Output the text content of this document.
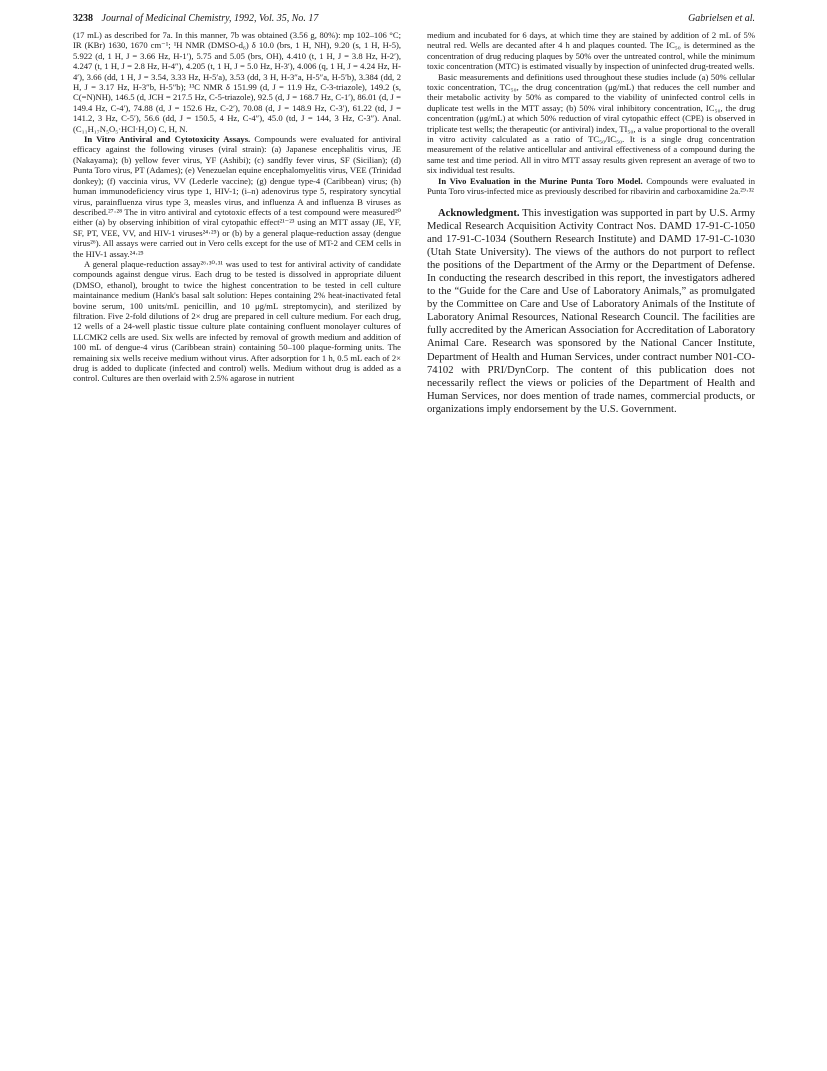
3238 Journal of Medicinal Chemistry, 1992, Vol. 35, No. 17	Gabrielsen et al.

(17 mL) as described for 7a. In this manner, 7b was obtained (3.56 g, 80%): mp 102–106 °C; IR (KBr) 1630, 1670 cm⁻¹; ¹H NMR (DMSO-d₆) δ 10.0 (brs, 1 H, NH), 9.20 (s, 1 H, H-5), 5.922 (d, 1 H, J = 3.66 Hz, H-1′), 5.75 and 5.05 (brs, OH), 4.410 (t, 1 H, J = 3.8 Hz, H-2′), 4.247 (t, 1 H, J = 2.8 Hz, H-4″), 4.205 (t, 1 H, J = 5.0 Hz, H-3′), 4.006 (q, 1 H, J = 4.24 Hz, H-4′), 3.66 (dd, 1 H, J = 3.54, 3.33 Hz, H-5′a), 3.53 (dd, 3 H, H-3″a, H-5″a, H-5′b), 3.384 (dd, 2 H, J = 3.17 Hz, H-3″b, H-5″b); ¹³C NMR δ 151.99 (d, J = 11.9 Hz, C-3-triazole), 149.2 (s, C(=N)NH), 146.5 (d, JCH = 217.5 Hz, C-5-triazole), 92.5 (d, J = 168.7 Hz, C-1′), 86.01 (d, J = 149.4 Hz, C-4′), 74.88 (d, J = 152.6 Hz, C-2′), 70.08 (d, J = 148.9 Hz, C-3′), 61.22 (td, J = 141.2, 3 Hz, C-5′), 56.6 (dd, J = 150.5, 4 Hz, C-4″), 45.0 (td, J = 144, 3 Hz, C-3″). Anal. (C₁₁H₁₇N₅O₅·HCl·H₂O) C, H, N.

In Vitro Antiviral and Cytotoxicity Assays. Compounds were evaluated for antiviral efficacy against the following viruses (viral strain): (a) Japanese encephalitis virus, JE (Nakayama); (b) yellow fever virus, YF (Ashibi); (c) sandfly fever virus, SF (Sicilian); (d) Punta Toro virus, PT (Adames); (e) Venezuelan equine encephalomyelitis virus, VEE (Trinidad donkey); (f) vaccinia virus, VV (Lederle vaccine); (g) dengue type-4 (Caribbean) virus; (h) human immunodeficiency virus type 1, HIV-1; (i–n) adenovirus type 5, respiratory syncytial virus, parainfluenza virus type 3, measles virus, and influenza A and influenza B viruses as described.²⁷·²⁸ The in vitro antiviral and cytotoxic effects of a test compound were measured²⁰ either (a) by observing inhibition of viral cytopathic effect²¹⁻²³ using an MTT assay (JE, YF, SF, PT, VEE, VV, and HIV-1 viruses²⁴·²⁵) or (b) by a general plaque-reduction assay (dengue virus²⁶). All assays were carried out in Vero cells except for the use of MT-2 and CEM cells in the HIV-1 assay.²⁴·²⁵

A general plaque-reduction assay²⁶·³⁰·³¹ was used to test for antiviral activity of candidate compounds against dengue virus. Each drug to be tested is dissolved in appropriate diluent (DMSO, ethanol), brought to twice the highest concentration to be tested in cell culture maintainance medium (Hank's basal salt solution: Hepes containing 2% heat-inactivated fetal bovine serum, 100 units/mL penicillin, and 10 μg/mL streptomycin), and sterilized by filtration. Five 2-fold dilutions of 2× drug are prepared in cell culture medium. For each drug, 12 wells of a 24-well plastic tissue culture plate containing confluent monolayer cultures of LLCMK2 cells are used. Six wells are infected by removal of growth medium and addition of 100 mL of dengue-4 virus (Caribbean strain) containing 50–100 plaque-forming units. The remaining six wells receive medium without virus. After adsorption for 1 h, 0.5 mL each of 2× drug is added to duplicate (infected and control) wells. Medium without drug is added as a control. Cultures are then overlaid with 2.5% agarose in nutrient

medium and incubated for 6 days, at which time they are stained by addition of 2 mL of 5% neutral red. Wells are decanted after 4 h and plaques counted. The IC₅₀ is determined as the concentration of drug reducing plaques by 50% over the untreated control, while the minimum toxic concentration (MTC) is estimated visually by inspection of uninfected drug-treated wells.

Basic measurements and definitions used throughout these studies include (a) 50% cellular toxic concentration, TC₅₀, the drug concentration (μg/mL) that reduces the cell number and their metabolic activity by 50% as compared to the viability of uninfected control cells in duplicate test wells in the MTT assay; (b) 50% viral inhibitory concentration, IC₅₀, the drug concentration (μg/mL) at which 50% reduction of viral cytopathic effect (CPE) is observed in triplicate test wells; the therapeutic (or antiviral) index, TI₅₀, a value proportional to the overall in vitro activity calculated as a ratio of TC₅₀/IC₅₀. It is a single drug concentration measurement of the relative anticellular and antiviral effectiveness of a compound during the same test and time period. All in vitro MTT assay results given represent an average of two to six individual test results.

In Vivo Evaluation in the Murine Punta Toro Model. Compounds were evaluated in Punta Toro virus-infected mice as previously described for ribavirin and carboxamidine 2a.²⁹·³²

Acknowledgment. This investigation was supported in part by U.S. Army Medical Research Acquisition Activity Contract Nos. DAMD 17-91-C-1050 and 17-91-C-1034 (Southern Research Institute) and DAMD 17-91-C-1030 (Utah State University). The views of the authors do not purport to reflect the positions of the Department of the Army or the Department of Defense. In conducting the research described in this report, the investigators adhered to the “Guide for the Care and Use of Laboratory Animals,” as promulgated by the Committee on Care and Use of Laboratory Animals of the Institute of Laboratory Animal Resources, National Research Council. The facilities are fully accredited by the American Association for Accreditation of Laboratory Animal Care. Research was sponsored by the National Cancer Institute, Department of Health and Human Services, under contract number N01-CO-74102 with PRI/DynCorp. The content of this publication does not necessarily reflect the views or policies of the Department of Health and Human Services, nor does mention of trade names, commercial products, or organizations imply endorsement by the U.S. Government.
